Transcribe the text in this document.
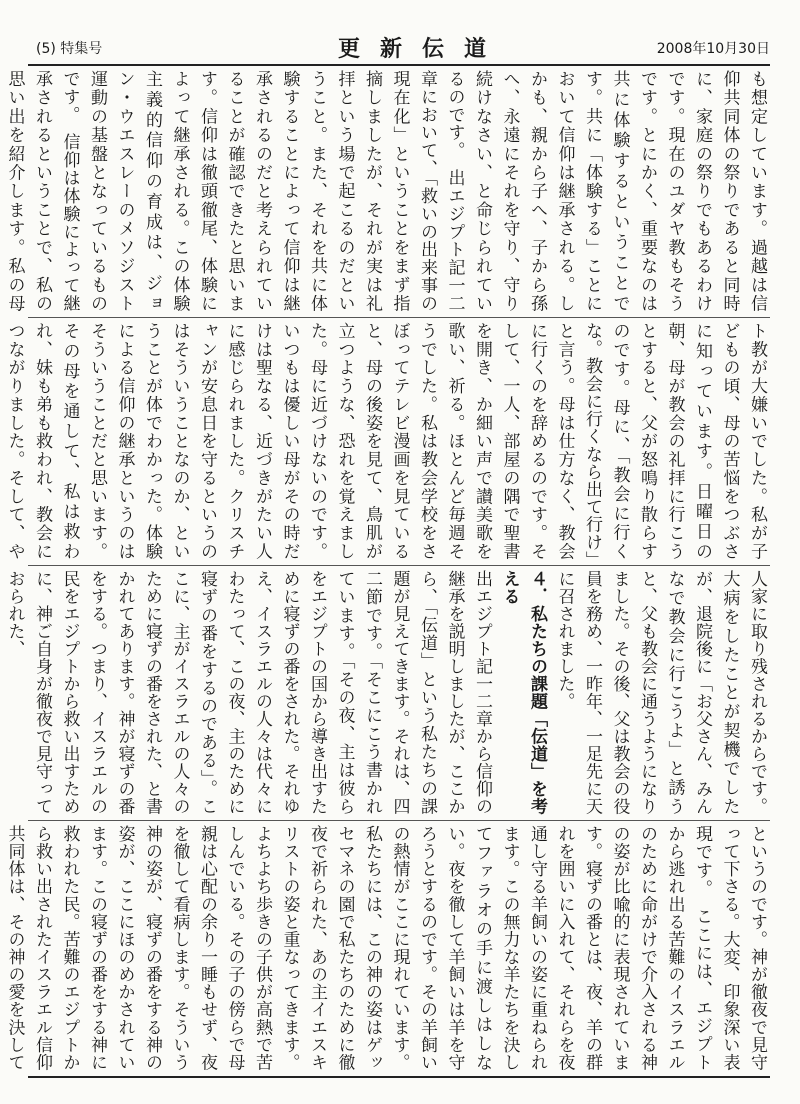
(5) 特集号	更新伝道	2008年10月30日

も想定しています。過越は信仰共同体の祭りであると同時に、家庭の祭りでもあるわけです。現在のユダヤ教もそうです。とにかく、重要なのは共に体験するということです。共に「体験する」ことにおいて信仰は継承される。しかも、親から子へ、子から孫へ、永遠にそれを守り、守り続けなさい、と命じられているのです。　出エジプト記一二章において、「救いの出来事の現在化」ということをまず指摘しましたが、それが実は礼拝という場で起こるのだということ。また、それを共に体験することによって信仰は継承されるのだと考えられていることが確認できたと思います。信仰は徹頭徹尾、体験によって継承される。この体験主義的信仰の育成は、ジョン・ウエスレーのメソジスト運動の基盤となっているものです。　信仰は体験によって継承されるということで、私の思い出を紹介します。私の母

ト教が大嫌いでした。私が子どもの頃、母の苦悩をつぶさに知っています。日曜日の朝、母が教会の礼拝に行こうとすると、父が怒鳴り散らすのです。母に、「教会に行くな。教会に行くなら出て行け」と言う。母は仕方なく、教会に行くのを辞めるのです。そして、一人、部屋の隅で聖書を開き、か細い声で讃美歌を歌い、祈る。ほとんど毎週そうでした。私は教会学校をさぼってテレビ漫画を見ていると、母の後姿を見て、鳥肌が立つような、恐れを覚えました。母に近づけないのです。いつもは優しい母がその時だけは聖なる、近づきがたい人に感じられました。クリスチャンが安息日を守るというのはそういうことなのか、ということが体でわかった。体験による信仰の継承というのはそういうことだと思います。その母を通して、私は救われ、妹も弟も救われ、教会につながりました。そして、や

人家に取り残されるからです。大病をしたことが契機でしたが、退院後に「お父さん、みんなで教会に行こうよ」と誘うと、父も教会に通うようになりました。その後、父は教会の役員を務め、一昨年、一足先に天に召されました。

４．私たちの課題「伝道」を考える

出エジプト記一二章から信仰の継承を説明しましたが、ここから、「伝道」という私たちの課題が見えてきます。それは、四二節です。「そこにこう書かれています。「その夜、主は彼らをエジプトの国から導き出すために寝ずの番をされた。それゆえ、イスラエルの人々は代々にわたって、この夜、主のために寝ずの番をするのである」。ここに、主がイスラエルの人々のために寝ずの番をされた、と書かれてあります。神が寝ずの番をする。つまり、イスラエルの民をエジプトから救い出すために、神ご自身が徹夜で見守っておられた、

というのです。神が徹夜で見守って下さる。大変、印象深い表現です。　ここには、エジプトから逃れ出る苦難のイスラエルのために命がけで介入される神の姿が比喩的に表現されています。寝ずの番とは、夜、羊の群れを囲いに入れて、それらを夜通し守る羊飼いの姿に重ねられます。この無力な羊たちを決してファラオの手に渡しはしない。夜を徹して羊飼いは羊を守ろうとするのです。その羊飼いの熱情がここに現れています。私たちには、この神の姿はゲッセマネの園で私たちのために徹夜で祈られた、あの主イエスキリストの姿と重なってきます。よちよち歩きの子供が高熱で苦しんでいる。その子の傍らで母親は心配の余り一睡もせず、夜を徹して看病します。そういう神の姿が、寝ずの番をする神の姿が、ここにほのめかされています。この寝ずの番をする神に救われた民。苦難のエジプトから救い出されたイスラエル信仰共同体は、その神の愛を決して
